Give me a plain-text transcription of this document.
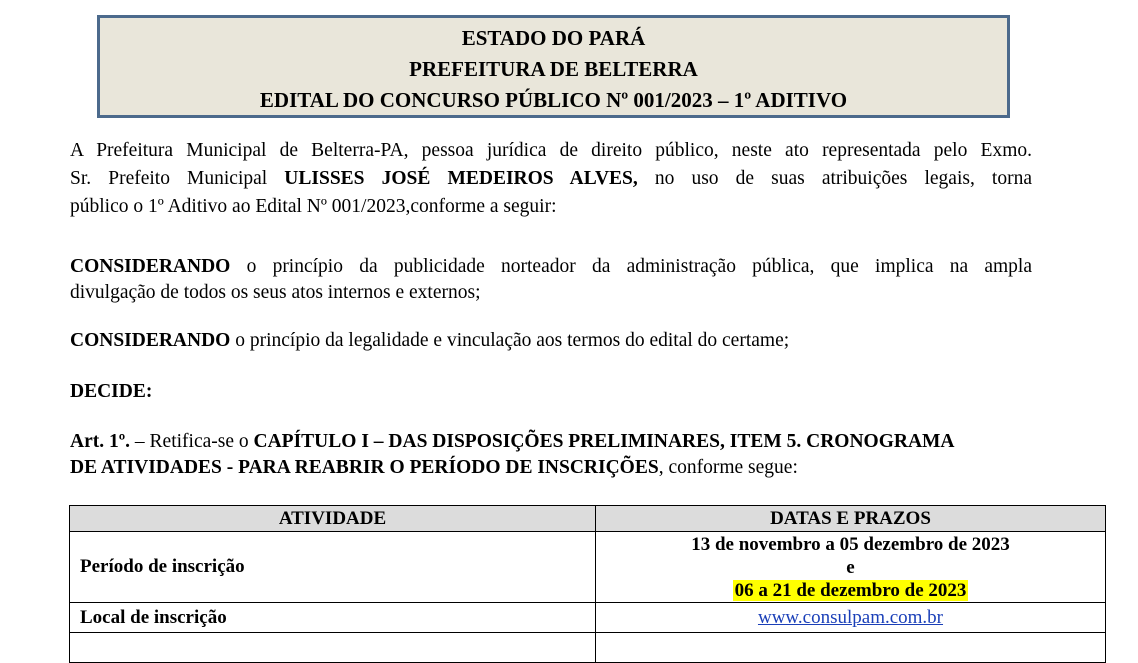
ESTADO DO PARÁ
PREFEITURA DE BELTERRA
EDITAL DO CONCURSO PÚBLICO Nº 001/2023 – 1º ADITIVO
A Prefeitura Municipal de Belterra-PA, pessoa jurídica de direito público, neste ato representada pelo Exmo.
Sr. Prefeito Municipal ULISSES JOSÉ MEDEIROS ALVES, no uso de suas atribuições legais, torna
público o 1º Aditivo ao Edital Nº 001/2023,conforme a seguir:
CONSIDERANDO o princípio da publicidade norteador da administração pública, que implica na ampla
divulgação de todos os seus atos internos e externos;
CONSIDERANDO o princípio da legalidade e vinculação aos termos do edital do certame;
DECIDE:
Art. 1º. – Retifica-se o CAPÍTULO I – DAS DISPOSIÇÕES PRELIMINARES, ITEM 5. CRONOGRAMA
DE ATIVIDADES - PARA REABRIR O PERÍODO DE INSCRIÇÕES, conforme segue:
ATIVIDADE	DATAS E PRAZOS
Período de inscrição	13 de novembro a 05 dezembro de 2023
e
06 a 21 de dezembro de 2023

Local de inscrição	www.consulpam.com.br
